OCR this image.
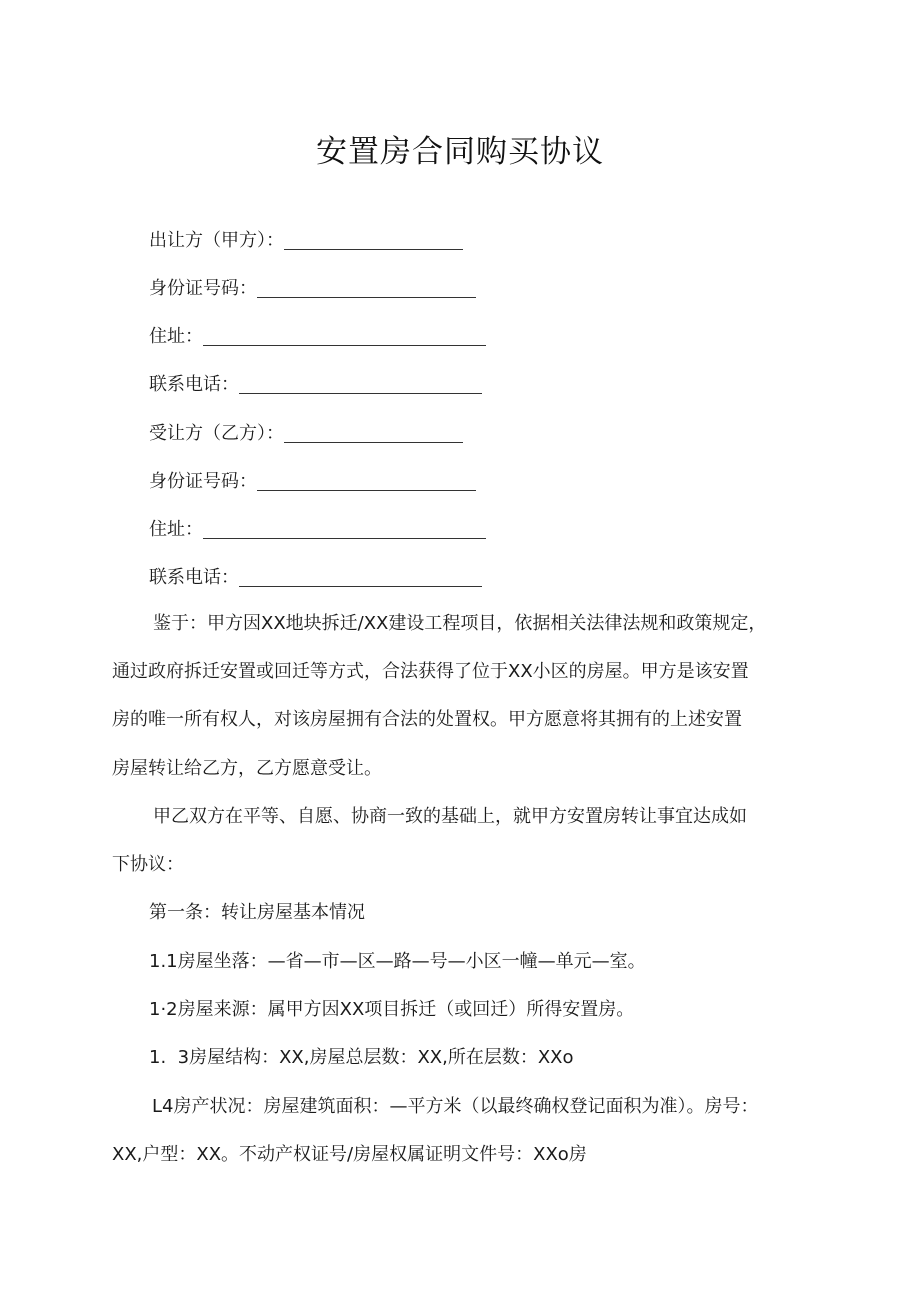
安置房合同购买协议
出让方（甲方）：
身份证号码：
住址：
联系电话：
受让方（乙方）：
身份证号码：
住址：
联系电话：
鉴于：甲方因XX地块拆迁/XX建设工程项目，依据相关法律法规和政策规定，
通过政府拆迁安置或回迁等方式，合法获得了位于XX小区的房屋。甲方是该安置
房的唯一所有权人，对该房屋拥有合法的处置权。甲方愿意将其拥有的上述安置
房屋转让给乙方，乙方愿意受让。
甲乙双方在平等、自愿、协商一致的基础上，就甲方安置房转让事宜达成如
下协议：
第一条：转让房屋基本情况
1.1房屋坐落：—省—市—区—路—号—小区一幢—单元—室。
1·2房屋来源：属甲方因XX项目拆迁（或回迁）所得安置房。
1.  3房屋结构：XX,房屋总层数：XX,所在层数：XXo
L4房产状况：房屋建筑面积：—平方米（以最终确权登记面积为准）。房号：
XX,户型：XX。不动产权证号/房屋权属证明文件号：XXo房
